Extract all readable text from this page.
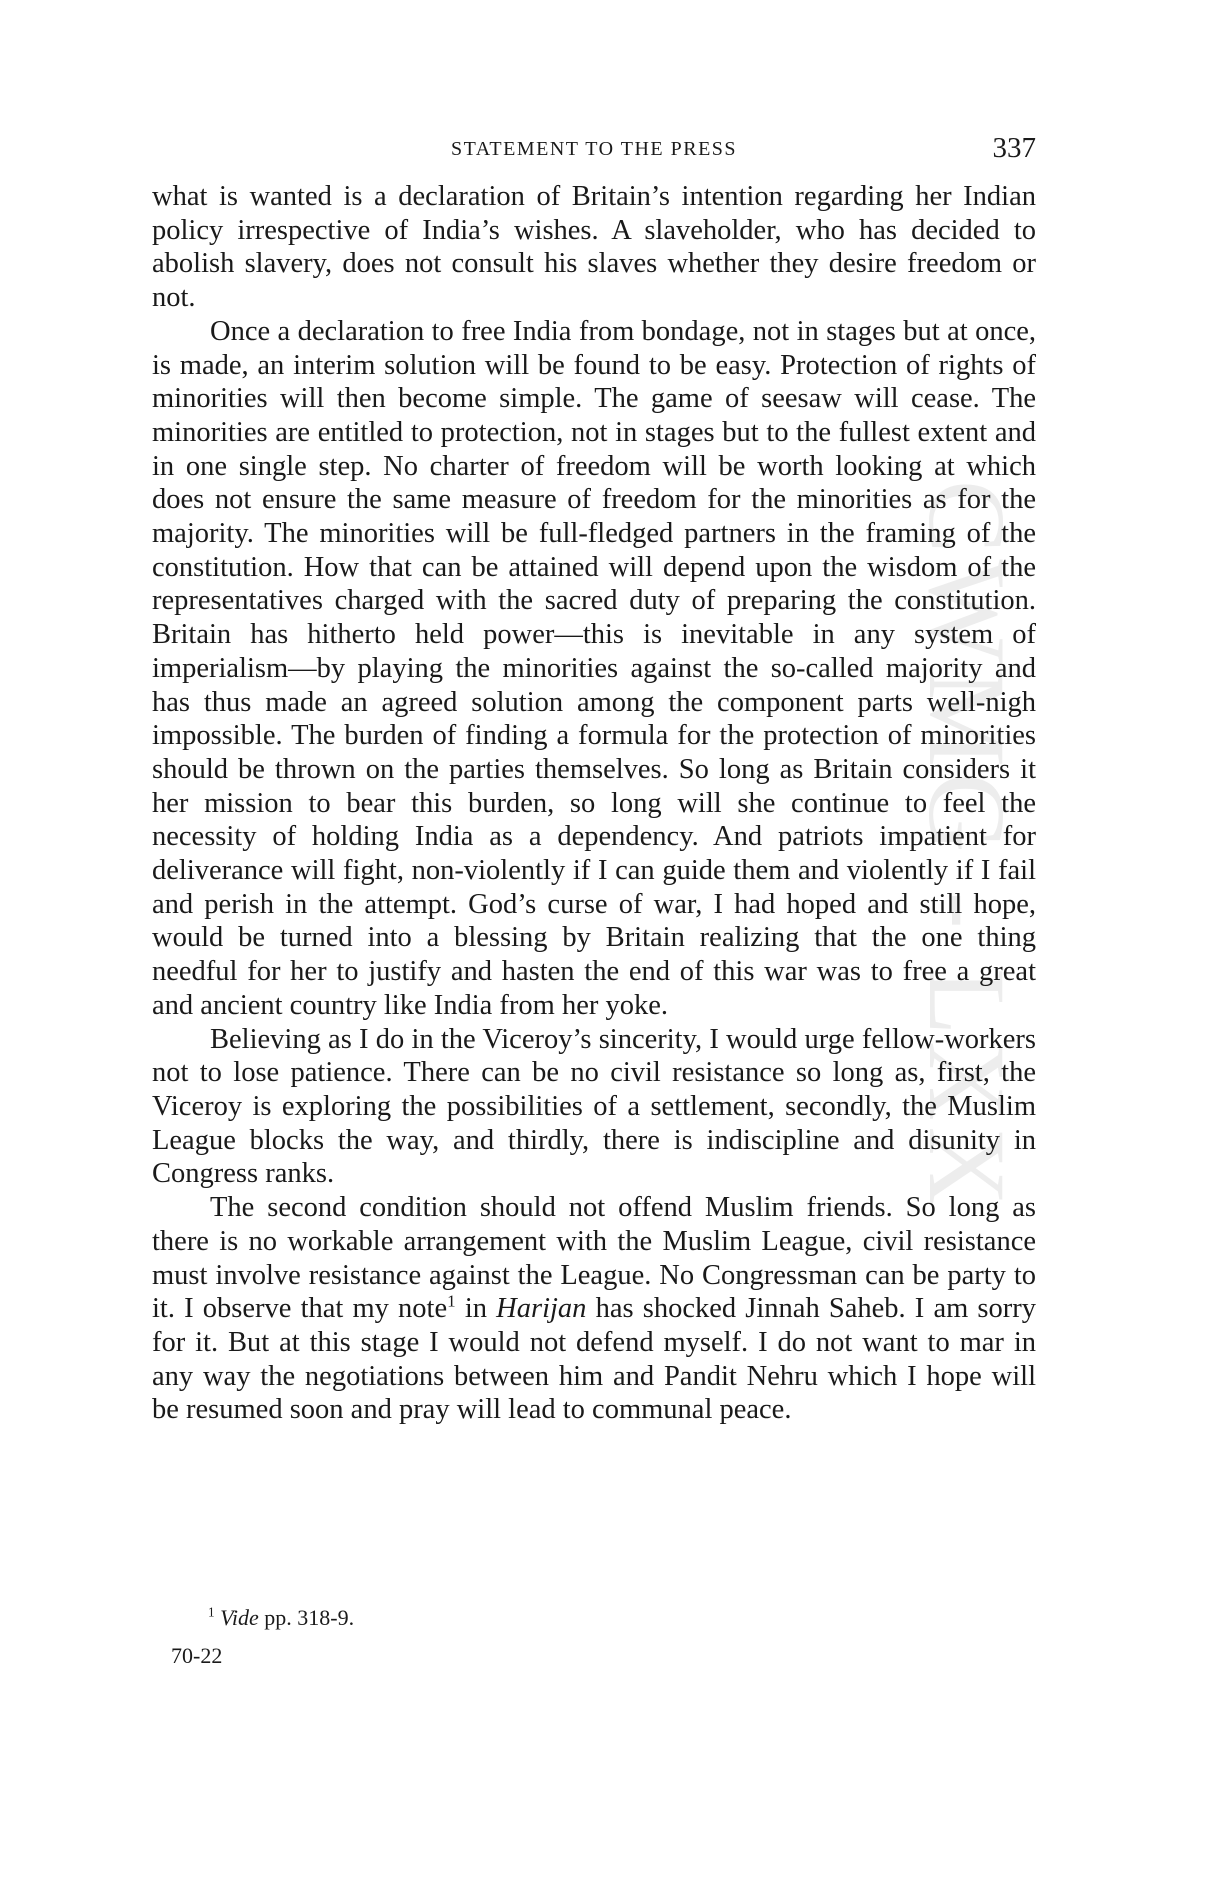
CWMG - LXX
STATEMENT TO THE PRESS	337

what is wanted is a declaration of Britain’s intention regarding her Indian policy irrespective of India’s wishes. A slaveholder, who has decided to abolish slavery, does not consult his slaves whether they desire freedom or not.

Once a declaration to free India from bondage, not in stages but at once, is made, an interim solution will be found to be easy. Protection of rights of minorities will then become simple. The game of seesaw will cease. The minorities are entitled to protection, not in stages but to the fullest extent and in one single step. No charter of freedom will be worth looking at which does not ensure the same measure of freedom for the minorities as for the majority. The minorities will be full-fledged partners in the framing of the constitution. How that can be attained will depend upon the wisdom of the representatives charged with the sacred duty of preparing the constitution. Britain has hitherto held power—this is inevitable in any system of imperialism—by playing the minorities against the so-called majority and has thus made an agreed solution among the component parts well-nigh impossible. The burden of finding a formula for the protection of minorities should be thrown on the parties themselves. So long as Britain considers it her mission to bear this burden, so long will she continue to feel the necessity of holding India as a dependency. And patriots impatient for deliverance will fight, non-violently if I can guide them and violently if I fail and perish in the attempt. God’s curse of war, I had hoped and still hope, would be turned into a blessing by Britain realizing that the one thing needful for her to justify and hasten the end of this war was to free a great and ancient country like India from her yoke.

Believing as I do in the Viceroy’s sincerity, I would urge fellow-workers not to lose patience. There can be no civil resistance so long as, first, the Viceroy is exploring the possibilities of a settlement, secondly, the Muslim League blocks the way, and thirdly, there is indiscipline and disunity in Congress ranks.

The second condition should not offend Muslim friends. So long as there is no workable arrangement with the Muslim League, civil resistance must involve resistance against the League. No Congressman can be party to it. I observe that my note$^1$ in Harijan has shocked Jinnah Saheb. I am sorry for it. But at this stage I would not defend myself. I do not want to mar in any way the negotiations between him and Pandit Nehru which I hope will be resumed soon and pray will lead to communal peace.

$^1$ Vide pp. 318-9.
70-22
